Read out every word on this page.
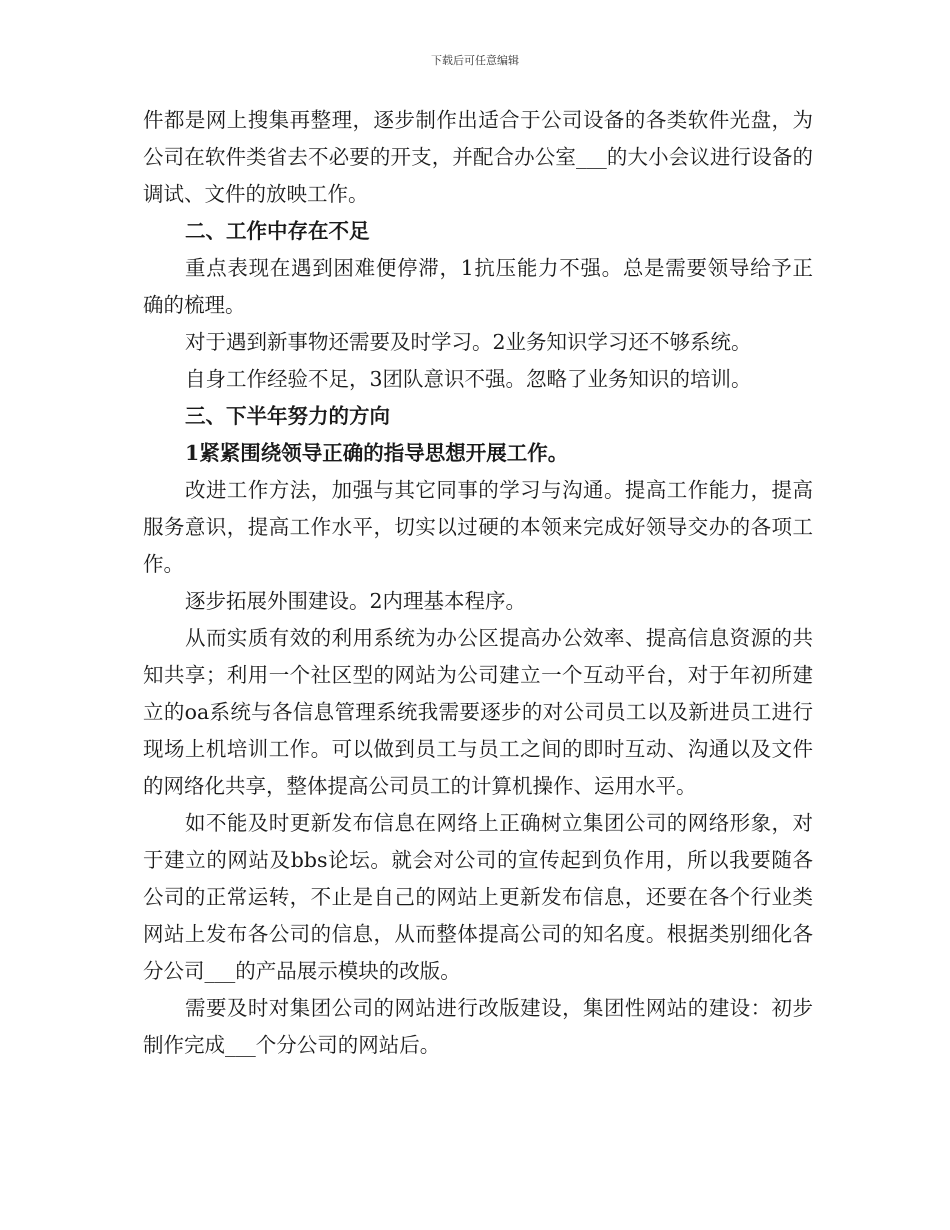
下载后可任意编辑

件都是网上搜集再整理，逐步制作出适合于公司设备的各类软件光盘，为公司在软件类省去不必要的开支，并配合办公室___的大小会议进行设备的调试、文件的放映工作。

二、工作中存在不足

重点表现在遇到困难便停滞，1抗压能力不强。总是需要领导给予正确的梳理。

对于遇到新事物还需要及时学习。2业务知识学习还不够系统。

自身工作经验不足，3团队意识不强。忽略了业务知识的培训。

三、下半年努力的方向
1紧紧围绕领导正确的指导思想开展工作。

改进工作方法，加强与其它同事的学习与沟通。提高工作能力，提高服务意识，提高工作水平，切实以过硬的本领来完成好领导交办的各项工作。

逐步拓展外围建设。2内理基本程序。

从而实质有效的利用系统为办公区提高办公效率、提高信息资源的共知共享；利用一个社区型的网站为公司建立一个互动平台，对于年初所建立的oa系统与各信息管理系统我需要逐步的对公司员工以及新进员工进行现场上机培训工作。可以做到员工与员工之间的即时互动、沟通以及文件的网络化共享，整体提高公司员工的计算机操作、运用水平。

如不能及时更新发布信息在网络上正确树立集团公司的网络形象，对于建立的网站及bbs论坛。就会对公司的宣传起到负作用，所以我要随各公司的正常运转，不止是自己的网站上更新发布信息，还要在各个行业类网站上发布各公司的信息，从而整体提高公司的知名度。根据类别细化各分公司___的产品展示模块的改版。

需要及时对集团公司的网站进行改版建设，集团性网站的建设：初步制作完成___个分公司的网站后。
